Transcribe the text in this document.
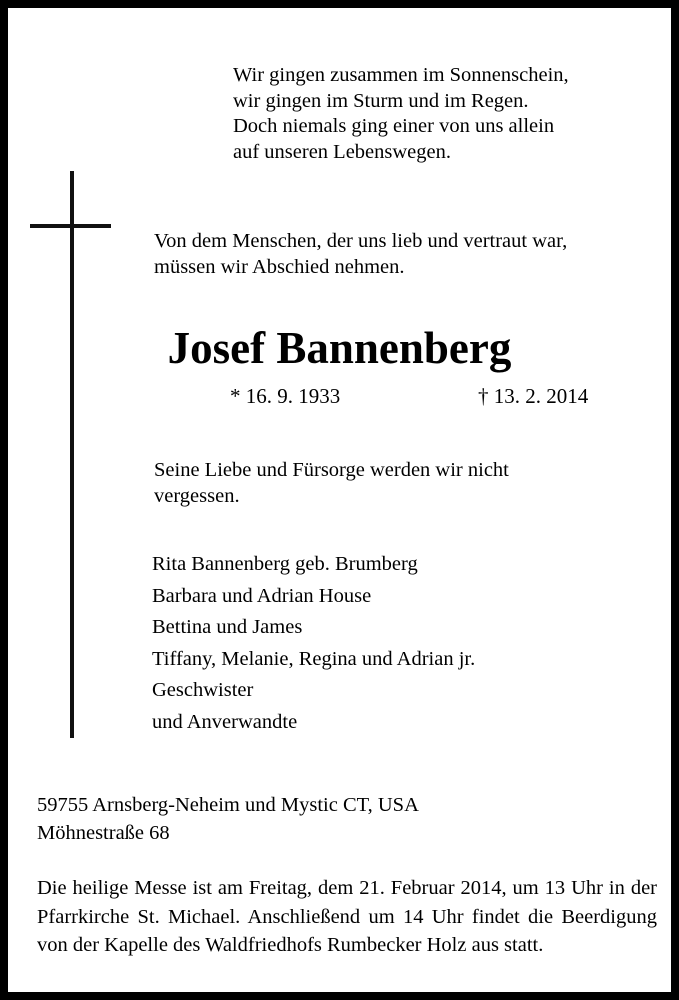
Wir gingen zusammen im Sonnenschein,
wir gingen im Sturm und im Regen.
Doch niemals ging einer von uns allein
auf unseren Lebenswegen.
Von dem Menschen, der uns lieb und vertraut war,
müssen wir Abschied nehmen.
Josef Bannenberg
* 16. 9. 1933	† 13. 2. 2014
Seine Liebe und Fürsorge werden wir nicht
vergessen.
Rita Bannenberg geb. Brumberg
Barbara und Adrian House
Bettina und James
Tiffany, Melanie, Regina und Adrian jr.
Geschwister
und Anverwandte
59755 Arnsberg-Neheim und Mystic CT, USA
Möhnestraße 68
Die heilige Messe ist am Freitag, dem 21. Februar 2014, um 13 Uhr in der Pfarrkirche St. Michael. Anschließend um 14 Uhr findet die Beerdigung von der Kapelle des Waldfriedhofs Rumbecker Holz aus statt.
